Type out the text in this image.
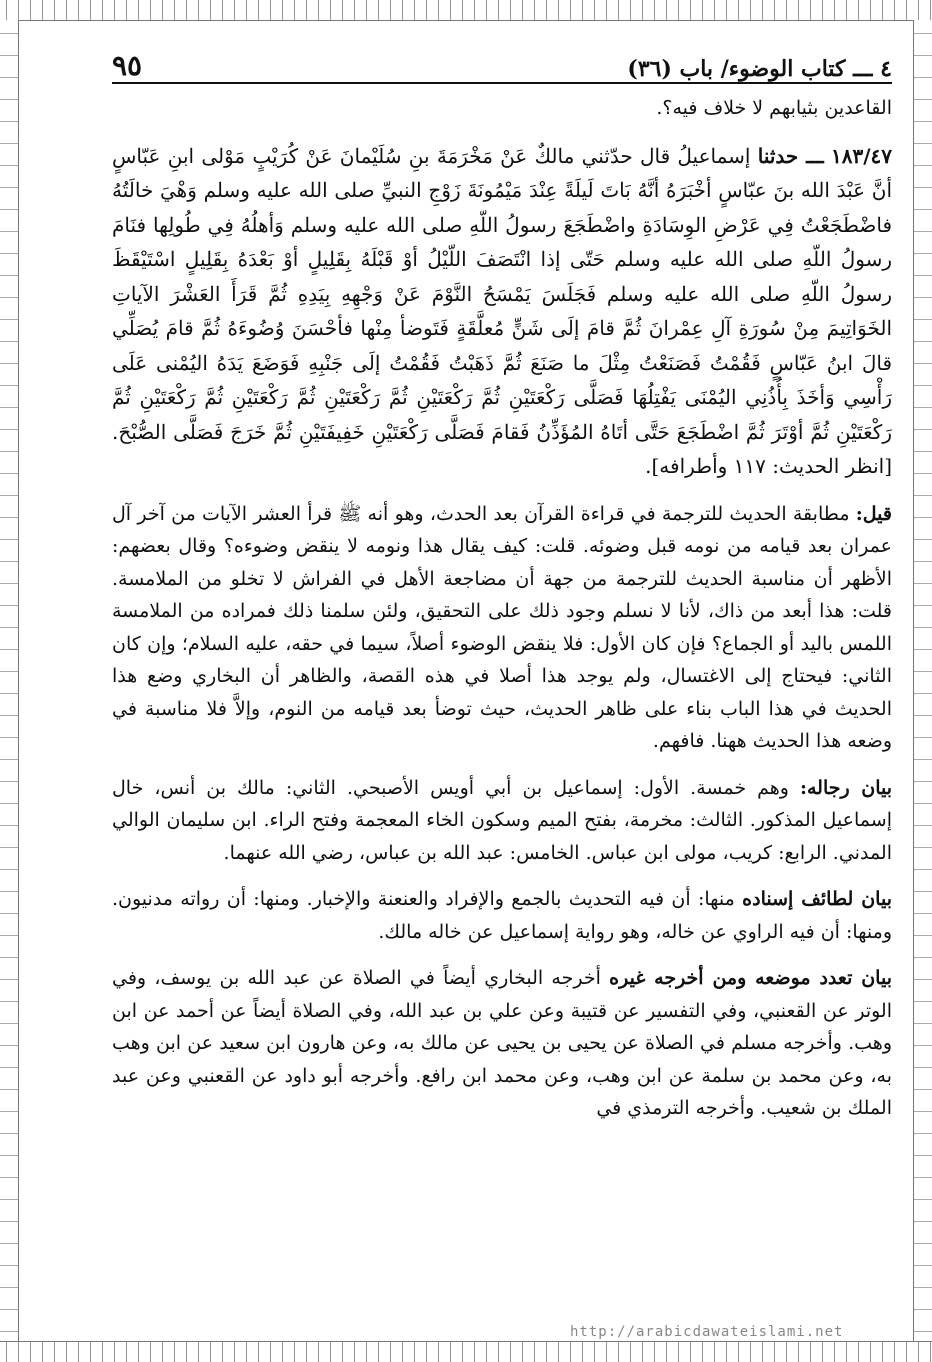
٤ ـــ كتاب الوضوء/ باب (٣٦)
٩٥

القاعدين بثيابهم لا خلاف فيه؟.

١٨٣/٤٧ ـــ حدثنا إسماعيلُ قال حدّثني مالكٌ عَنْ مَخْرَمَةَ بنِ سُلَيْمانَ عَنْ كُرَيْبٍ مَوْلى ابنِ عَبّاسٍ أنَّ عَبْدَ الله بنَ عبّاسٍ أخْبَرَهُ أنَّهُ بَاتَ لَيلَةً عِنْدَ مَيْمُونَةَ زَوْجِ النبيِّ صلى الله عليه وسلم وَهْيَ خالَتُهُ فاضْطَجَعْتُ فِي عَرْضِ الوِسَادَةِ واضْطَجَعَ رسولُ اللّهِ صلى الله عليه وسلم وَأهلُهُ فِي طُولِها فنَامَ رسولُ اللّهِ صلى الله عليه وسلم حَتّى إذا انْتَصَفَ اللّيْلُ أوْ قَبْلَهُ بِقَلِيلٍ أوْ بَعْدَهُ بِقَلِيلٍ اسْتَيْقَظَ رسولُ اللّهِ صلى الله عليه وسلم فَجَلَسَ يَمْسَحُ النَّوْمَ عَنْ وَجْهِهِ بِيَدِهِ ثُمَّ قَرَأَ العَشْرَ الآياتِ الخَوَاتِيمَ مِنْ سُورَةِ آلِ عِمْرانَ ثُمَّ قامَ إلَى شَنٍّ مُعلَّقَةٍ فَتَوضأ مِنْها فأحْسَنَ وُضُوءَهُ ثُمَّ قامَ يُصَلِّي قالَ ابنُ عَبّاسٍ فَقُمْتُ فَصَنَعْتُ مِثْلَ ما صَنَعَ ثُمَّ ذَهَبْتُ فَقُمْتُ إلَى جَنْبِهِ فَوَضَعَ يَدَهُ اليُمْنى عَلَى رَأْسِي وَأخَذَ بِأُذُنِي اليُمْنَى يَفْتِلُهَا فَصَلَّى رَكْعَتَيْنِ ثُمَّ رَكْعَتَيْنِ ثُمَّ رَكْعَتَيْنِ ثُمَّ رَكْعَتَيْنِ ثُمَّ رَكْعَتَيْنِ ثُمَّ رَكْعَتَيْنِ ثُمَّ أوْتَرَ ثُمَّ اضْطَجَعَ حَتَّى أتَاهُ المُؤَذِّنُ فَقامَ فَصَلَّى رَكْعَتَيْنِ خَفِيفَتَيْنِ ثُمَّ خَرَجَ فَصَلَّى الصُّبْحَ. [انظر الحديث: ١١٧ وأطرافه].

قيل: مطابقة الحديث للترجمة في قراءة القرآن بعد الحدث، وهو أنه ﷺ قرأ العشر الآيات من آخر آل عمران بعد قيامه من نومه قبل وضوئه. قلت: كيف يقال هذا ونومه لا ينقض وضوءه؟ وقال بعضهم: الأظهر أن مناسبة الحديث للترجمة من جهة أن مضاجعة الأهل في الفراش لا تخلو من الملامسة. قلت: هذا أبعد من ذاك، لأنا لا نسلم وجود ذلك على التحقيق، ولئن سلمنا ذلك فمراده من الملامسة اللمس باليد أو الجماع؟ فإن كان الأول: فلا ينقض الوضوء أصلاً، سيما في حقه، عليه السلام؛ وإن كان الثاني: فيحتاج إلى الاغتسال، ولم يوجد هذا أصلا في هذه القصة، والظاهر أن البخاري وضع هذا الحديث في هذا الباب بناء على ظاهر الحديث، حيث توضأ بعد قيامه من النوم، وإلاَّ فلا مناسبة في وضعه هذا الحديث ههنا. فافهم.

بيان رجاله: وهم خمسة. الأول: إسماعيل بن أبي أويس الأصبحي. الثاني: مالك بن أنس، خال إسماعيل المذكور. الثالث: مخرمة، بفتح الميم وسكون الخاء المعجمة وفتح الراء. ابن سليمان الوالي المدني. الرابع: كريب، مولى ابن عباس. الخامس: عبد الله بن عباس، رضي الله عنهما.

بيان لطائف إسناده منها: أن فيه التحديث بالجمع والإفراد والعنعنة والإخبار. ومنها: أن رواته مدنيون. ومنها: أن فيه الراوي عن خاله، وهو رواية إسماعيل عن خاله مالك.

بيان تعدد موضعه ومن أخرجه غيره أخرجه البخاري أيضاً في الصلاة عن عبد الله بن يوسف، وفي الوتر عن القعنبي، وفي التفسير عن قتيبة وعن علي بن عبد الله، وفي الصلاة أيضاً عن أحمد عن ابن وهب. وأخرجه مسلم في الصلاة عن يحيى بن يحيى عن مالك به، وعن هارون ابن سعيد عن ابن وهب به، وعن محمد بن سلمة عن ابن وهب، وعن محمد ابن رافع. وأخرجه أبو داود عن القعنبي وعن عبد الملك بن شعيب. وأخرجه الترمذي في

http://arabicdawateislami.net
